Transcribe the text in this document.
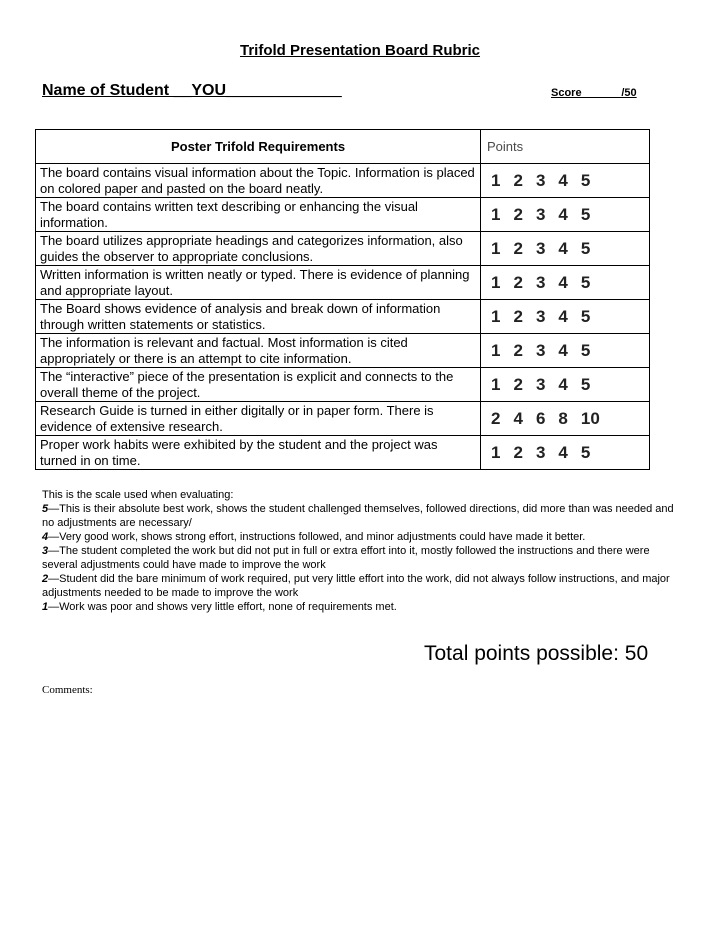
Trifold Presentation Board Rubric
Name of Student __YOU_____________	Score ______/50
Poster Trifold Requirements	Points
The board contains visual information about the Topic. Information is placed on colored paper and pasted on the board neatly.	1 2 3 4 5
The board contains written text describing or enhancing the visual information.	1 2 3 4 5
The board utilizes appropriate headings and categorizes information, also guides the observer to appropriate conclusions.	1 2 3 4 5
Written information is written neatly or typed. There is evidence of planning and appropriate layout.	1 2 3 4 5
The Board shows evidence of analysis and break down of information through written statements or statistics.	1 2 3 4 5
The information is relevant and factual. Most information is cited appropriately or there is an attempt to cite information.	1 2 3 4 5
The “interactive” piece of the presentation is explicit and connects to the overall theme of the project.	1 2 3 4 5
Research Guide is turned in either digitally or in paper form. There is evidence of extensive research.	2 4 6 8 10
Proper work habits were exhibited by the student and the project was turned in on time.	1 2 3 4 5

This is the scale used when evaluating:

5—This is their absolute best work, shows the student challenged themselves, followed directions, did more than was needed and no adjustments are necessary/

4—Very good work, shows strong effort, instructions followed, and minor adjustments could have made it better.

3—The student completed the work but did not put in full or extra effort into it, mostly followed the instructions and there were several adjustments could have made to improve the work

2—Student did the bare minimum of work required, put very little effort into the work, did not always follow instructions, and major adjustments needed to be made to improve the work

1—Work was poor and shows very little effort, none of requirements met.

Total points possible: 50
Comments:
